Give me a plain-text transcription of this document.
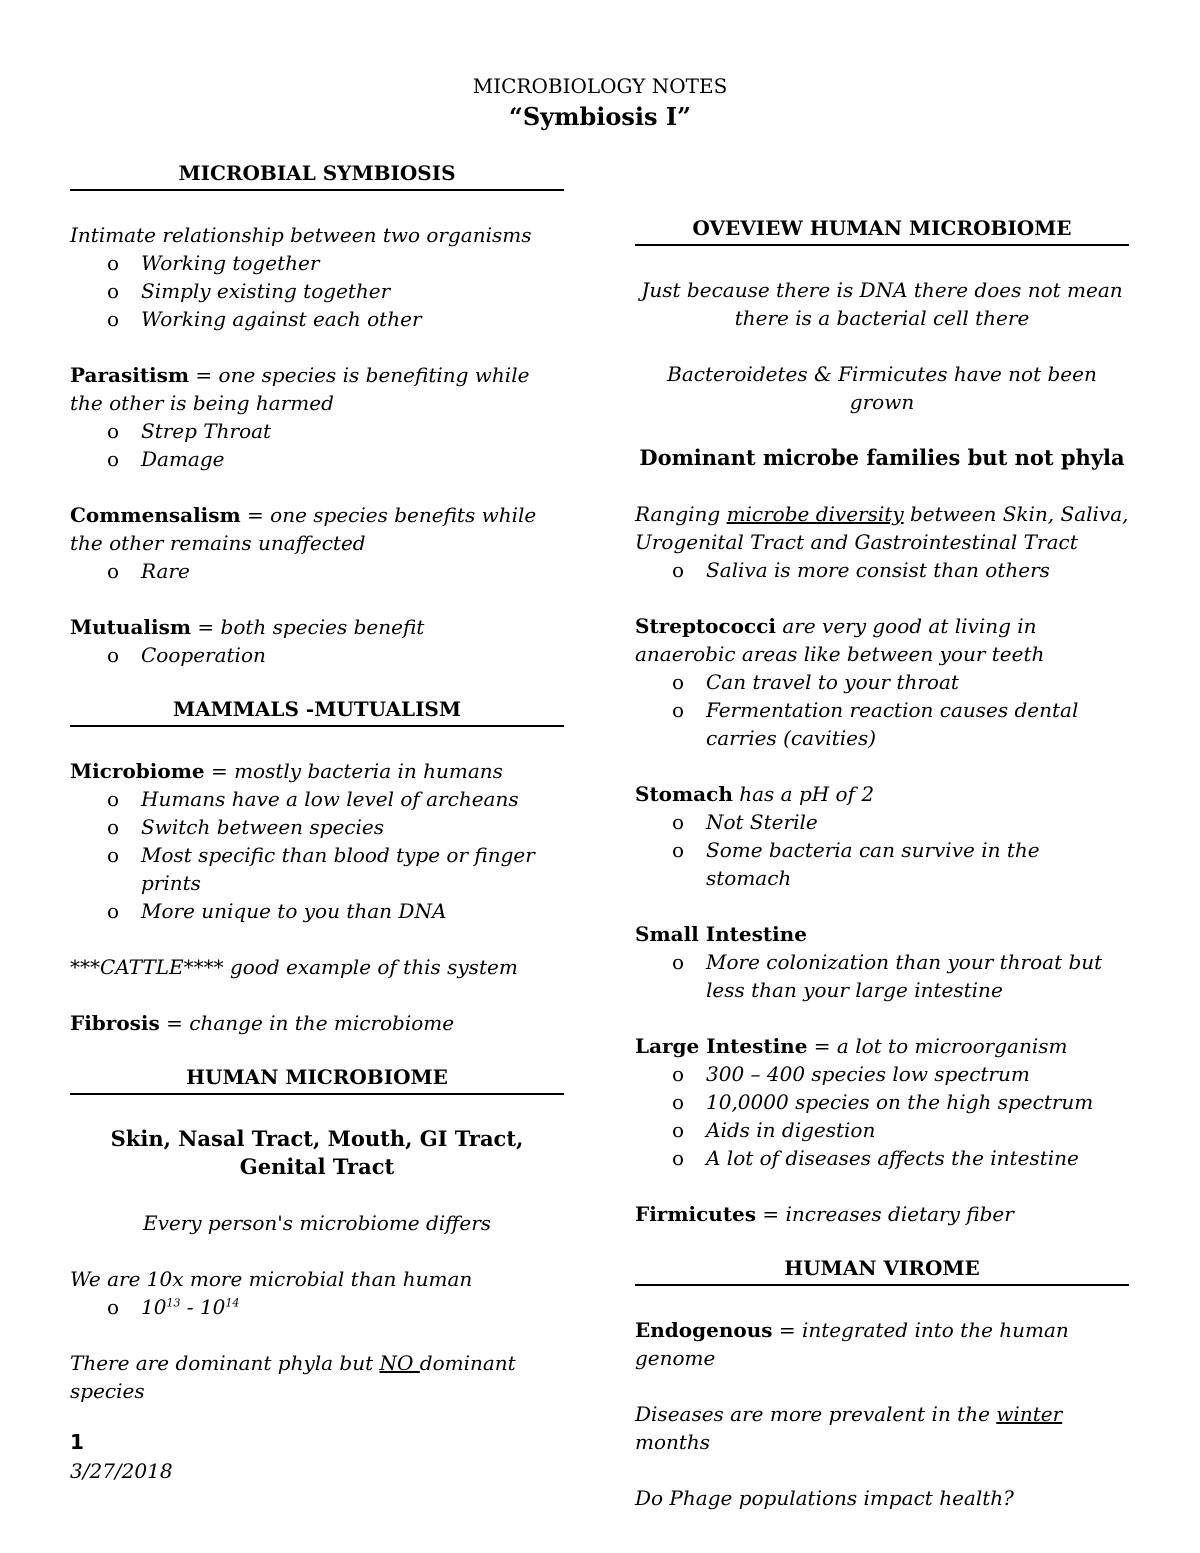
MICROBIOLOGY NOTES
“Symbiosis I”
MICROBIAL SYMBIOSIS
Intimate relationship between two organisms
o Working together
o Simply existing together
o Working against each other
Parasitism = one species is benefiting while the other is being harmed
o Strep Throat
o Damage
Commensalism = one species benefits while the other remains unaffected
o Rare
Mutualism = both species benefit
o Cooperation
MAMMALS -MUTUALISM
Microbiome = mostly bacteria in humans
o Humans have a low level of archeans
o Switch between species
o Most specific than blood type or finger prints
o More unique to you than DNA
***CATTLE**** good example of this system
Fibrosis = change in the microbiome
HUMAN MICROBIOME
Skin, Nasal Tract, Mouth, GI Tract, Genital Tract
Every person's microbiome differs
We are 10x more microbial than human
o $10^{13} - 10^{14}$
There are dominant phyla but NO dominant species
OVEVIEW HUMAN MICROBIOME
Just because there is DNA there does not mean there is a bacterial cell there
Bacteroidetes & Firmicutes have not been grown
Dominant microbe families but not phyla
Ranging microbe diversity between Skin, Saliva, Urogenital Tract and Gastrointestinal Tract
o Saliva is more consist than others
Streptococci are very good at living in anaerobic areas like between your teeth
o Can travel to your throat
o Fermentation reaction causes dental carries (cavities)
Stomach has a pH of 2
o Not Sterile
o Some bacteria can survive in the stomach
Small Intestine
o More colonization than your throat but less than your large intestine
Large Intestine = a lot to microorganism
o 300 – 400 species low spectrum
o 10,0000 species on the high spectrum
o Aids in digestion
o A lot of diseases affects the intestine
Firmicutes = increases dietary fiber
HUMAN VIROME
Endogenous = integrated into the human genome
Diseases are more prevalent in the winter months
Do Phage populations impact health?
1
3/27/2018
